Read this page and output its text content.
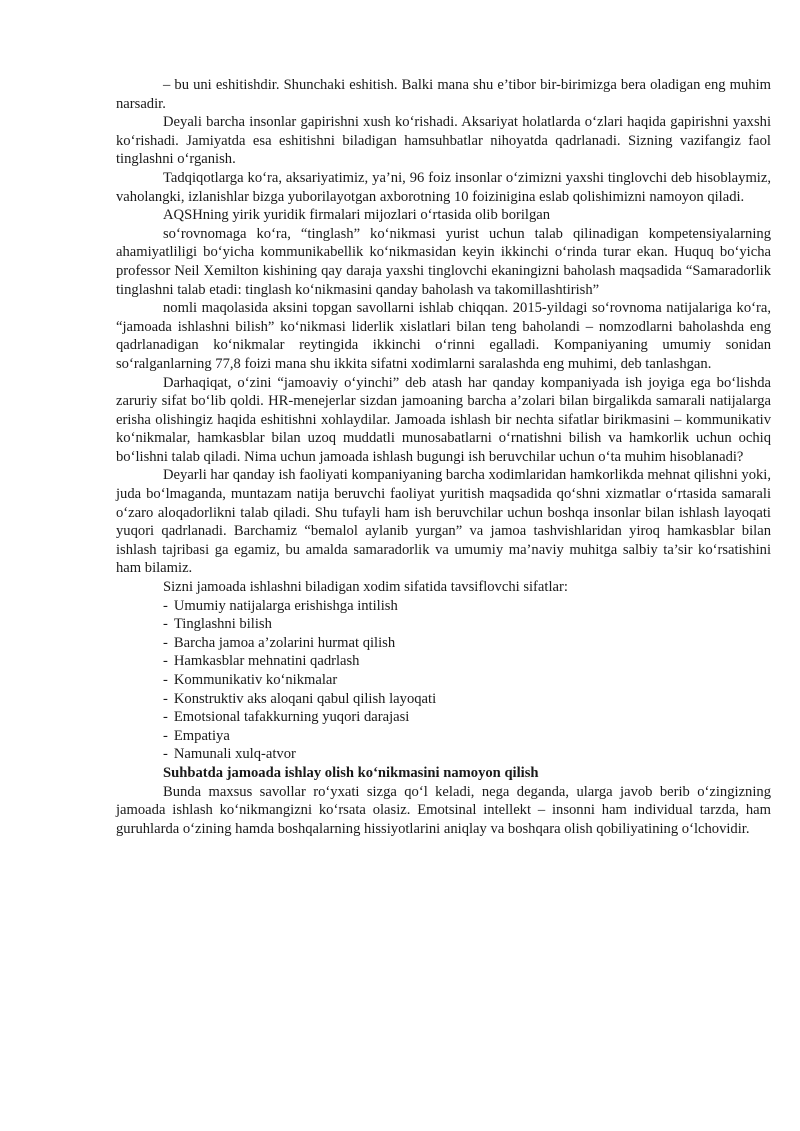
– bu uni eshitishdir. Shunchaki eshitish. Balki mana shu e’tibor bir-birimizga bera oladigan eng muhim narsadir.

Deyali barcha insonlar gapirishni xush ko‘rishadi. Aksariyat holatlarda o‘zlari haqida gapirishni yaxshi ko‘rishadi. Jamiyatda esa eshitishni biladigan hamsuhbatlar nihoyatda qadrlanadi. Sizning vazifangiz faol tinglashni o‘rganish.

Tadqiqotlarga ko‘ra, aksariyatimiz, ya’ni, 96 foiz insonlar o‘zimizni yaxshi tinglovchi deb hisoblaymiz, vaholangki, izlanishlar bizga yuborilayotgan axborotning 10 foizinigina eslab qolishimizni namoyon qiladi.

AQSHning yirik yuridik firmalari mijozlari o‘rtasida olib borilgan

so‘rovnomaga ko‘ra, “tinglash” ko‘nikmasi yurist uchun talab qilinadigan kompetensiyalarning ahamiyatliligi bo‘yicha kommunikabellik ko‘nikmasidan keyin ikkinchi o‘rinda turar ekan. Huquq bo‘yicha professor Neil Xemilton kishining qay daraja yaxshi tinglovchi ekaningizni baholash maqsadida “Samaradorlik tinglashni talab etadi: tinglash ko‘nikmasini qanday baholash va takomillashtirish”

nomli maqolasida aksini topgan savollarni ishlab chiqqan. 2015-yildagi so‘rovnoma natijalariga ko‘ra, “jamoada ishlashni bilish” ko‘nikmasi liderlik xislatlari bilan teng baholandi – nomzodlarni baholashda eng qadrlanadigan ko‘nikmalar reytingida ikkinchi o‘rinni egalladi. Kompaniyaning umumiy sonidan so‘ralganlarning 77,8 foizi mana shu ikkita sifatni xodimlarni saralashda eng muhimi, deb tanlashgan.

Darhaqiqat, o‘zini “jamoaviy o‘yinchi” deb atash har qanday kompaniyada ish joyiga ega bo‘lishda zaruriy sifat bo‘lib qoldi. HR-menejerlar sizdan jamoaning barcha a’zolari bilan birgalikda samarali natijalarga erisha olishingiz haqida eshitishni xohlaydilar. Jamoada ishlash bir nechta sifatlar birikmasini – kommunikativ ko‘nikmalar, hamkasblar bilan uzoq muddatli munosabatlarni o‘rnatishni bilish va hamkorlik uchun ochiq bo‘lishni talab qiladi. Nima uchun jamoada ishlash bugungi ish beruvchilar uchun o‘ta muhim hisoblanadi?

Deyarli har qanday ish faoliyati kompaniyaning barcha xodimlaridan hamkorlikda mehnat qilishni yoki, juda bo‘lmaganda, muntazam natija beruvchi faoliyat yuritish maqsadida qo‘shni xizmatlar o‘rtasida samarali o‘zaro aloqadorlikni talab qiladi. Shu tufayli ham ish beruvchilar uchun boshqa insonlar bilan ishlash layoqati yuqori qadrlanadi. Barchamiz “bemalol aylanib yurgan” va jamoa tashvishlaridan yiroq hamkasblar bilan ishlash tajribasi ga egamiz, bu amalda samaradorlik va umumiy ma’naviy muhitga salbiy ta’sir ko‘rsatishini ham bilamiz.

Sizni jamoada ishlashni biladigan xodim sifatida tavsiflovchi sifatlar:

- Umumiy natijalarga erishishga intilish
- Tinglashni bilish
- Barcha jamoa a’zolarini hurmat qilish
- Hamkasblar mehnatini qadrlash
- Kommunikativ ko‘nikmalar
- Konstruktiv aks aloqani qabul qilish layoqati
- Emotsional tafakkurning yuqori darajasi
- Empatiya
- Namunali xulq-atvor

Suhbatda jamoada ishlay olish ko‘nikmasini namoyon qilish

Bunda maxsus savollar ro‘yxati sizga qo‘l keladi, nega deganda, ularga javob berib o‘zingizning jamoada ishlash ko‘nikmangizni ko‘rsata olasiz. Emotsinal intellekt – insonni ham individual tarzda, ham guruhlarda o‘zining hamda boshqalarning hissiyotlarini aniqlay va boshqara olish qobiliyatining o‘lchovidir.
